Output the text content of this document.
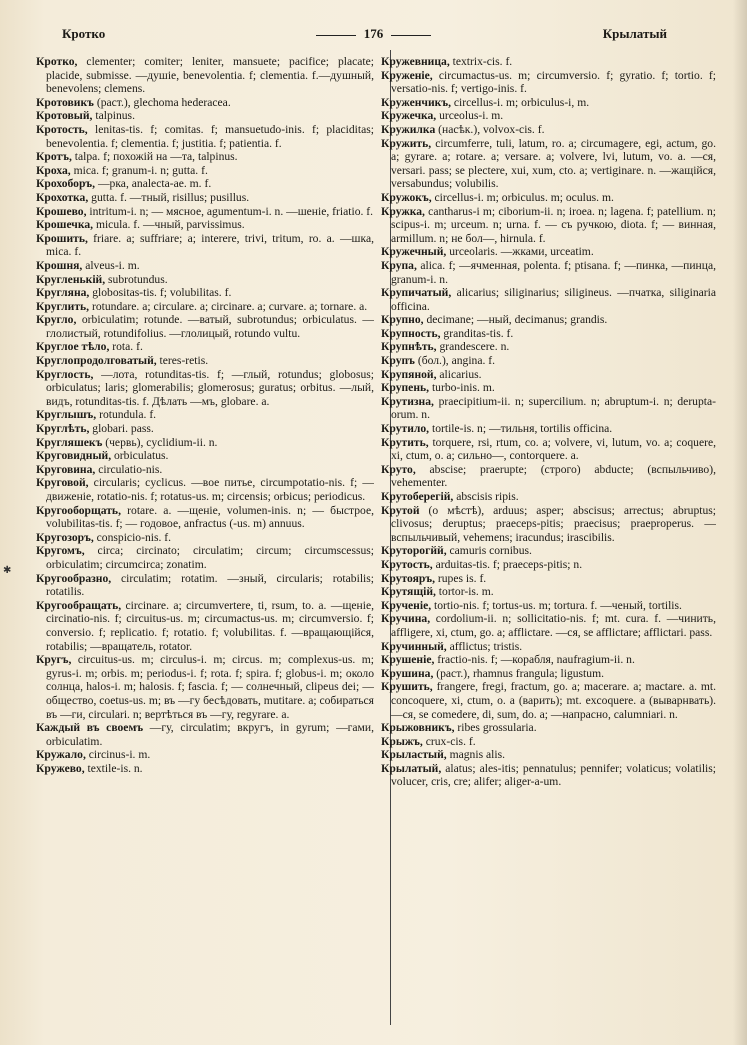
Кротко	176	Крылатый

Кротко, clementer; comiter; leniter, mansuete; pacifice; placate; placide, submisse. —душіе, benevolentia. f; clementia. f.—душный, benevolens; clemens.

Кротовикъ (раст.), glechoma hederacea.

Кротовый, talpinus.

Кротость, lenitas-tis. f; comitas. f; mansuetudo-inis. f; placiditas; benevolentia. f; clementia. f; justitia. f; patientia. f.

Кротъ, talpa. f; похожій на —та, talpinus.

Кроха, mica. f; granum-i. n; gutta. f.

Крохоборъ, —рка, analecta-ae. m. f.

Крохотка, gutta. f. —тный, risillus; pusillus.

Крошево, intritum-i. n; — мясное, agumentum-i. n. —шеніе, friatio. f.

Крошечка, micula. f. —чный, parvissimus.

Крошить, friare. a; suffriare; a; interere, trivi, tritum, ro. a. —шка, mica. f.

Крошня, alveus-i. m.

Кругленькій, subrotundus.

Кругляна, globositas-tis. f; volubilitas. f.

Круглить, rotundare. a; circulare. a; circinare. a; curvare. a; tornare. a.

Кругло, orbiculatim; rotunde. —ватый, subrotundus; orbiculatus. —глолистый, rotundifolius. —глолицый, rotundo vultu.

Круглое тѣло, rota. f.

Круглопродолговатый, teres-retis.

Круглость, —лота, rotunditas-tis. f; —глый, rotundus; globosus; orbiculatus; laris; glomerabilis; glomerosus; guratus; orbitus. —лый, видъ, rotunditas-tis. f. Дѣлать —мъ, globare. a.

Круглышъ, rotundula. f.

Круглѣть, globari. pass.

Кругляшекъ (червь), cyclidium-ii. n.

Круговидный, orbiculatus.

Круговина, circulatio-nis.

Круговой, circularis; cyclicus. —вое питье, circumpotatio-nis. f; —движеніе, rotatio-nis. f; rotatus-us. m; circensis; orbicus; periodicus.

Кругооборщать, rotare. a. —щеніе, volumen-inis. n; — быстрое, volubilitas-tis. f; — годовое, anfractus (-us. m) annuus.

Кругозоръ, conspicio-nis. f.

Кругомъ, circa; circinato; circulatim; circum; circumscessus; orbiculatim; circumcirca; zonatim.

Кругообразно, circulatim; rotatim. —зный, circularis; rotabilis; rotatilis.

Кругообращать, circinare. a; circumvertere, ti, rsum, to. a. —щеніе, circinatio-nis. f; circuitus-us. m; circumactus-us. m; circumversio. f; conversio. f; replicatio. f; rotatio. f; volubilitas. f. —вращающійся, rotabilis; —вращатель, rotator.

Кругъ, circuitus-us. m; circulus-i. m; circus. m; complexus-us. m; gyrus-i. m; orbis. m; periodus-i. f; rota. f; spira. f; globus-i. m; около солнца, halos-i. m; halosis. f; fascia. f; — солнечный, clipeus dei; — общество, coetus-us. m; въ —гу бесѣдовать, mutitare. a; собираться въ —ги, circulari. n; вертѣться въ —гу, regyrare. a.

Каждый въ своемъ —гу, circulatim; вкругъ, in gyrum; —гами, orbiculatim.

Кружало, circinus-i. m.

Кружево, textile-is. n.

Кружевница, textrix-cis. f.

Круженіе, circumactus-us. m; circumversio. f; gyratio. f; tortio. f; versatio-nis. f; vertigo-inis. f.

Круженчикъ, circellus-i. m; orbiculus-i, m.

Кружечка, urceolus-i. m.

Кружилка (насѣк.), volvox-cis. f.

Кружить, circumferre, tuli, latum, ro. a; circumagere, egi, actum, go. a; gyrare. a; rotare. a; versare. a; volvere, lvi, lutum, vo. a. —ся, versari. pass; se plectere, xui, xum, cto. a; vertiginare. n. —жащійся, versabundus; volubilis.

Кружокъ, circellus-i. m; orbiculus. m; oculus. m.

Кружка, cantharus-i m; ciborium-ii. n; iroea. n; lagena. f; patellium. n; scipus-i. m; urceum. n; urna. f. — съ ручкою, diota. f; — винная, armillum. n; не бол—, hirnula. f.

Кружечный, urceolaris. —жками, urceatim.

Крупа, alica. f; —ячменная, polenta. f; ptisana. f; —пинка, —пинца, granum-i. n.

Крупичатый, alicarius; siliginarius; siligineus. —пчатка, siliginaria officina.

Крупно, decimane; —ный, decimanus; grandis.

Крупность, granditas-tis. f.

Крупнѣть, grandescere. n.

Крупъ (бол.), angina. f.

Крупяной, alicarius.

Крупень, turbo-inis. m.

Крутизна, praecipitium-ii. n; supercilium. n; abruptum-i. n; derupta-orum. n.

Крутило, tortile-is. n; —тильня, tortilis officina.

Крутить, torquere, rsi, rtum, co. a; volvere, vi, lutum, vo. a; coquere, xi, ctum, o. a; сильно—, contorquere. a.

Круто, abscise; praerupte; (строго) abducte; (вспыльчиво), vehementer.

Крутоберегій, abscisis ripis.

Крутой (о мѣстѣ), arduus; asper; abscisus; arrectus; abruptus; clivosus; deruptus; praeceps-pitis; praecisus; praeproperus. — вспыльчивый, vehemens; iracundus; irascibilis.

Круторогйй, camuris cornibus.

Крутость, arduitas-tis. f; praeceps-pitis; n.

Крутояръ, rupes is. f.

Крутящій, tortor-is. m.

Крученіе, tortio-nis. f; tortus-us. m; tortura. f. —ченый, tortilis.

Кручина, cordolium-ii. n; sollicitatio-nis. f; mt. cura. f. —чинить, affligere, xi, ctum, go. a; afflictare. —ся, se afflictare; afflictari. pass.

Кручинный, afflictus; tristis.

Крушеніе, fractio-nis. f; —корабля, naufragium-ii. n.

Крушина, (раст.), rhamnus frangula; ligustum.

Крушить, frangere, fregi, fractum, go. a; macerare. a; mactare. a. mt. concoquere, xi, ctum, o. a (варить); mt. excoquere. a (выварнвать). —ся, se comedere, di, sum, do. a; —напрасно, calumniari. n.

Крыжовникъ, ribes grossularia.

Крыжъ, crux-cis. f.

Крыластый, magnis alis.

Крылатый, alatus; ales-itis; pennatulus; pennifer; volaticus; volatilis; volucer, cris, cre; alifer; aliger-a-um.

✱
